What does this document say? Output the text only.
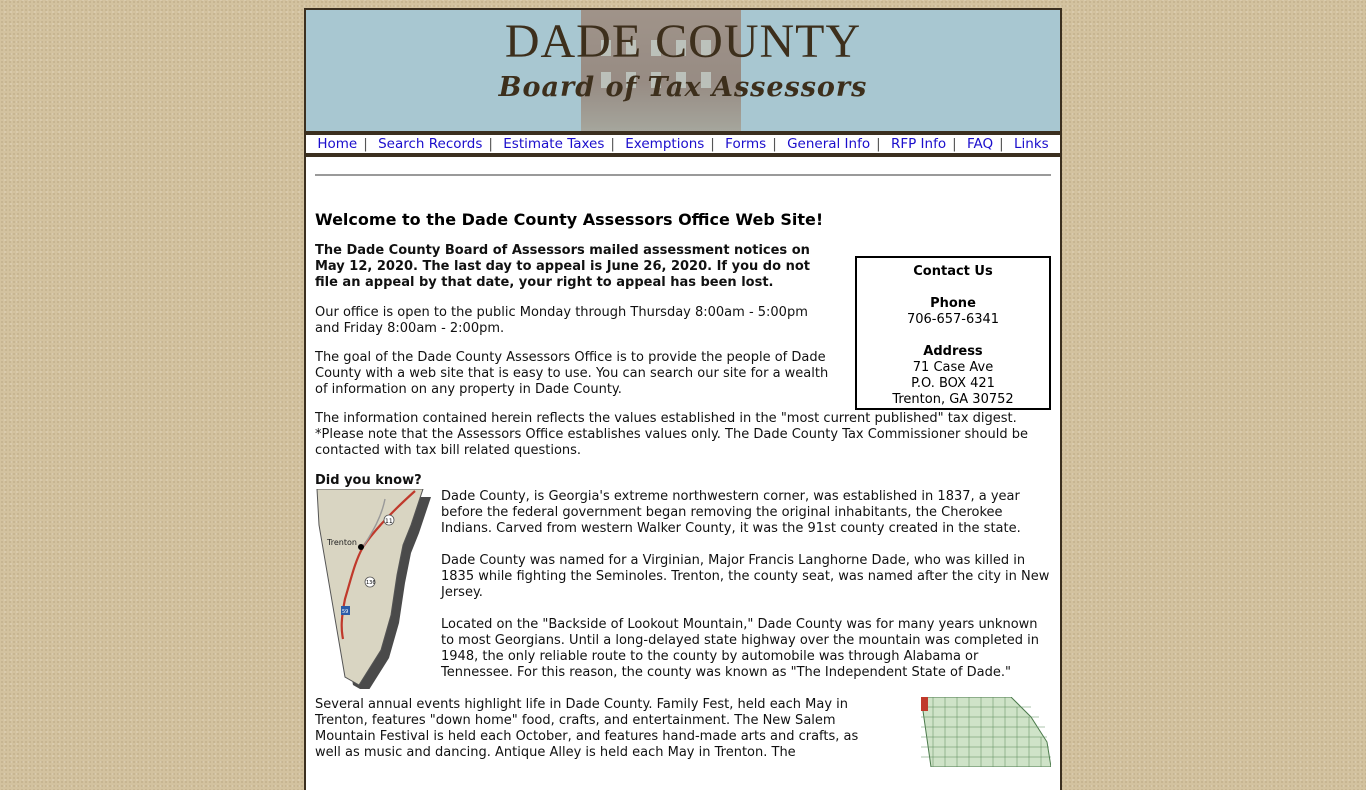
DADE COUNTY
Board of Tax Assessors
Home | Search Records | Estimate Taxes | Exemptions | Forms | General Info | RFP Info | FAQ | Links
Welcome to the Dade County Assessors Office Web Site!
Contact Us
Phone
706-657-6341
Address
71 Case Ave
P.O. BOX 421
Trenton, GA 30752

The Dade County Board of Assessors mailed assessment notices on May 12, 2020. The last day to appeal is June 26, 2020. If you do not file an appeal by that date, your right to appeal has been lost.

Our office is open to the public Monday through Thursday 8:00am - 5:00pm and Friday 8:00am - 2:00pm.

The goal of the Dade County Assessors Office is to provide the people of Dade County with a web site that is easy to use. You can search our site for a wealth of information on any property in Dade County.

The information contained herein reflects the values established in the "most current published" tax digest.

*Please note that the Assessors Office establishes values only. The Dade County Tax Commissioner should be contacted with tax bill related questions.

Did you know?

Trenton
11
136
59

Dade County, is Georgia's extreme northwestern corner, was established in 1837, a year before the federal government began removing the original inhabitants, the Cherokee Indians. Carved from western Walker County, it was the 91st county created in the state.

Dade County was named for a Virginian, Major Francis Langhorne Dade, who was killed in 1835 while fighting the Seminoles. Trenton, the county seat, was named after the city in New Jersey.

Located on the "Backside of Lookout Mountain," Dade County was for many years unknown to most Georgians. Until a long-delayed state highway over the mountain was completed in 1948, the only reliable route to the county by automobile was through Alabama or Tennessee. For this reason, the county was known as "The Independent State of Dade."

Several annual events highlight life in Dade County. Family Fest, held each May in Trenton, features "down home" food, crafts, and entertainment. The New Salem Mountain Festival is held each October, and features hand-made arts and crafts, as well as music and dancing. Antique Alley is held each May in Trenton. The
